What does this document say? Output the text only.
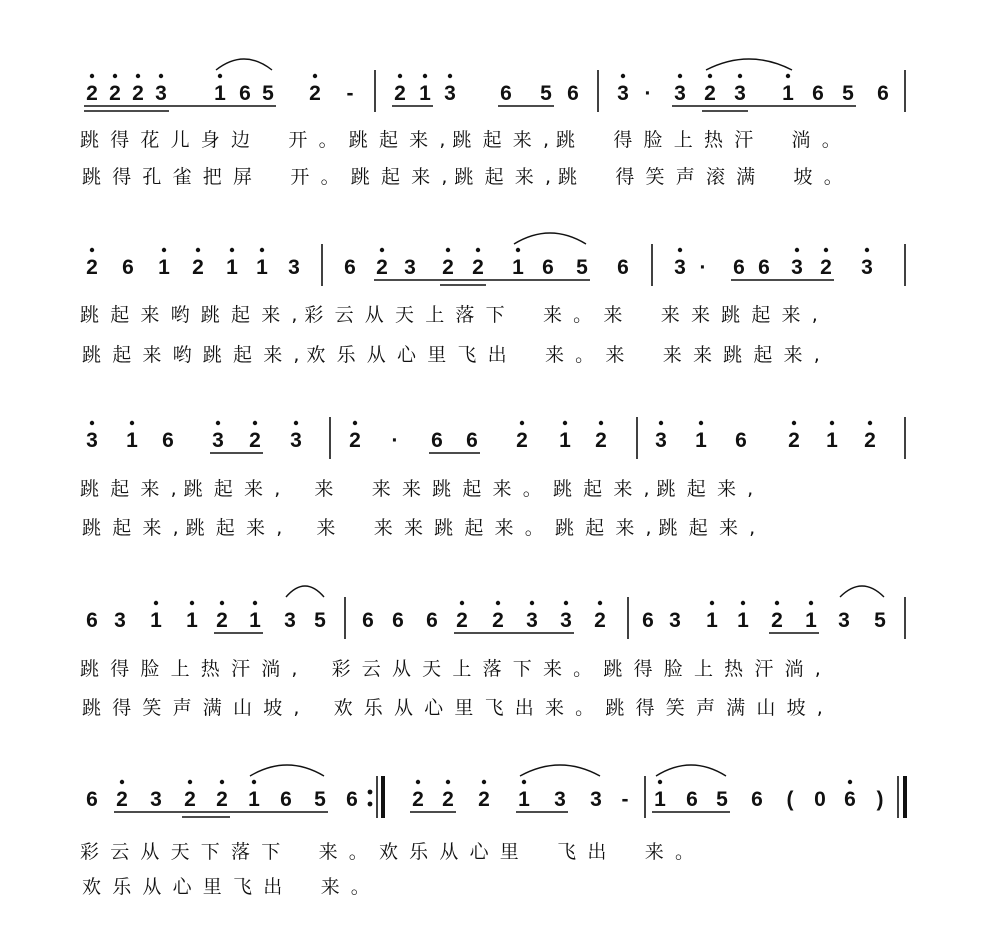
2 2 2 3 1 6 5 2 - 2 1 3 6 5 6 3 · 3 2 3 1 6 5 6
跳 得 花 儿 身 边 开 。 跳 起 来 , 跳 起 来 , 跳 得 脸 上 热 汗 淌 。
跳 得 孔 雀 把 屏 开 。 跳 起 来 , 跳 起 来 , 跳 得 笑 声 滚 满 坡 。
2 6 1 2 1 1 3 6 2 3 2 2 1 6 5 6 3 · 6 6 3 2 3
跳 起 来 哟 跳 起 来 , 彩 云 从 天 上 落 下 来 。 来 来 来 跳 起 来 ,
跳 起 来 哟 跳 起 来 , 欢 乐 从 心 里 飞 出 来 。 来 来 来 跳 起 来 ,
3 1 6 3 2 3 2 · 6 6 2 1 2 3 1 6 2 1 2
跳 起 来 , 跳 起 来 , 来 来 来 跳 起 来 。 跳 起 来 , 跳 起 来 ,
跳 起 来 , 跳 起 来 , 来 来 来 跳 起 来 。 跳 起 来 , 跳 起 来 ,
6 3 1 1 2 1 3 5 6 6 6 2 2 3 3 2 6 3 1 1 2 1 3 5
跳 得 脸 上 热 汗 淌 , 彩 云 从 天 上 落 下 来 。 跳 得 脸 上 热 汗 淌 ,
跳 得 笑 声 满 山 坡 , 欢 乐 从 心 里 飞 出 来 。 跳 得 笑 声 满 山 坡 ,
6 2 3 2 2 1 6 5 6	2 2 2 1 3 3 - 1 6 5 6 ( 0 6 )
彩 云 从 天 下 落 下 来 。 欢 乐 从 心 里 飞 出 来 。
欢 乐 从 心 里 飞 出 来 。
